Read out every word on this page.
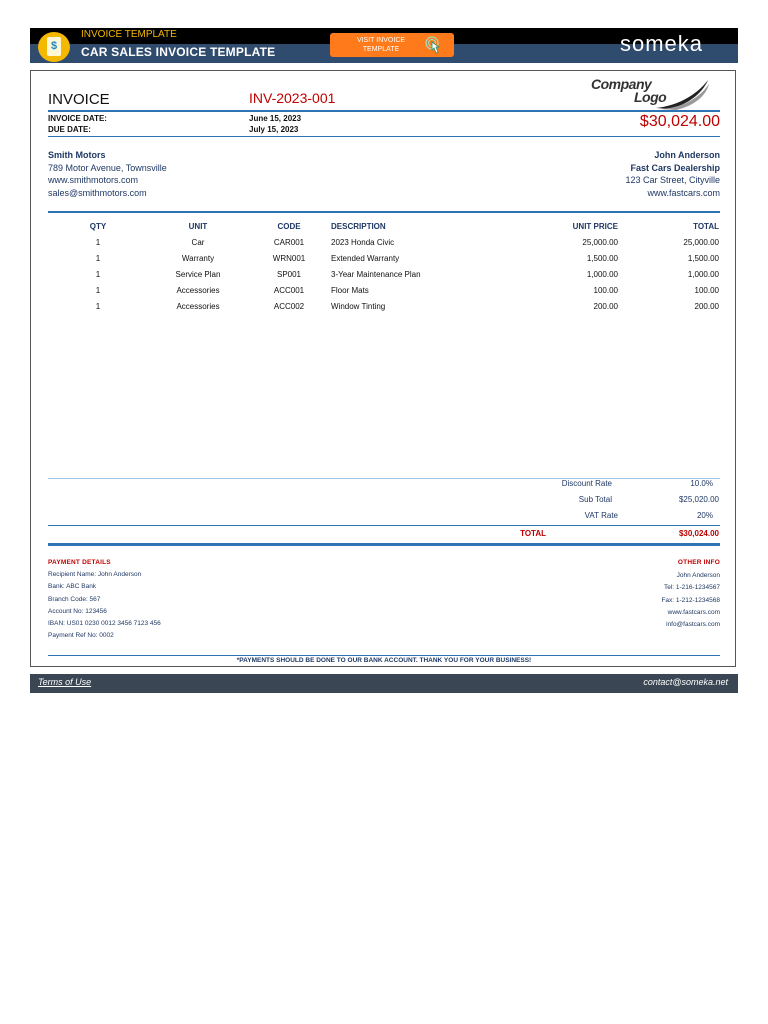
$
INVOICE TEMPLATE
CAR SALES INVOICE TEMPLATE
VISIT INVOICE TEMPLATE	someka
INVOICE	INV-2023-001
Company
Logo
INVOICE DATE:	June 15, 2023
DUE DATE:	July 15, 2023	$30,024.00
Smith Motors
789 Motor Avenue, Townsville
www.smithmotors.com
sales@smithmotors.com
John Anderson
Fast Cars Dealership
123 Car Street, Cityville
www.fastcars.com
QTY	UNIT	CODE	DESCRIPTION	UNIT PRICE	TOTAL
1	Car	CAR001	2023 Honda Civic	25,000.00	25,000.00
1	Warranty	WRN001	Extended Warranty	1,500.00	1,500.00
1	Service Plan	SP001	3-Year Maintenance Plan	1,000.00	1,000.00
1	Accessories	ACC001	Floor Mats	100.00	100.00
1	Accessories	ACC002	Window Tinting	200.00	200.00
Discount Rate	10.0%
Sub Total	$25,020.00
VAT Rate	20%
TOTAL	$30,024.00
PAYMENT DETAILS
Recipient Name: John Anderson
Bank: ABC Bank
Branch Code: 567
Account No: 123456
IBAN: US01 0230 0012 3456 7123 456
Payment Ref No: 0002
OTHER INFO
John Anderson
Tel: 1-216-1234567
Fax: 1-212-1234568
www.fastcars.com
info@fastcars.com
*PAYMENTS SHOULD BE DONE TO OUR BANK ACCOUNT. THANK YOU FOR YOUR BUSINESS!
Terms of Use	contact@someka.net
